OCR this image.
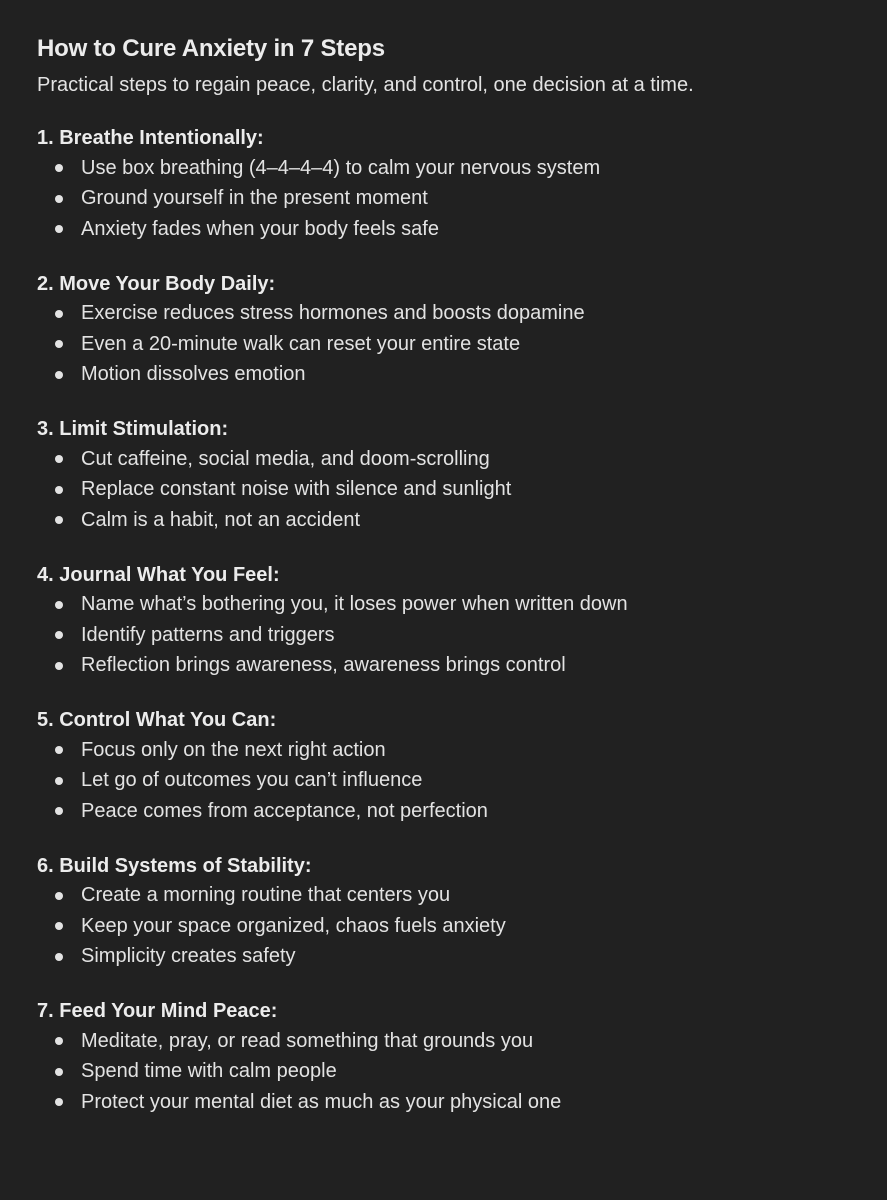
How to Cure Anxiety in 7 Steps

Practical steps to regain peace, clarity, and control, one decision at a time.

1. Breathe Intentionally:
Use box breathing (4–4–4–4) to calm your nervous system
Ground yourself in the present moment
Anxiety fades when your body feels safe
2. Move Your Body Daily:
Exercise reduces stress hormones and boosts dopamine
Even a 20-minute walk can reset your entire state
Motion dissolves emotion
3. Limit Stimulation:
Cut caffeine, social media, and doom-scrolling
Replace constant noise with silence and sunlight
Calm is a habit, not an accident
4. Journal What You Feel:
Name what’s bothering you, it loses power when written down
Identify patterns and triggers
Reflection brings awareness, awareness brings control
5. Control What You Can:
Focus only on the next right action
Let go of outcomes you can’t influence
Peace comes from acceptance, not perfection
6. Build Systems of Stability:
Create a morning routine that centers you
Keep your space organized, chaos fuels anxiety
Simplicity creates safety
7. Feed Your Mind Peace:
Meditate, pray, or read something that grounds you
Spend time with calm people
Protect your mental diet as much as your physical one
